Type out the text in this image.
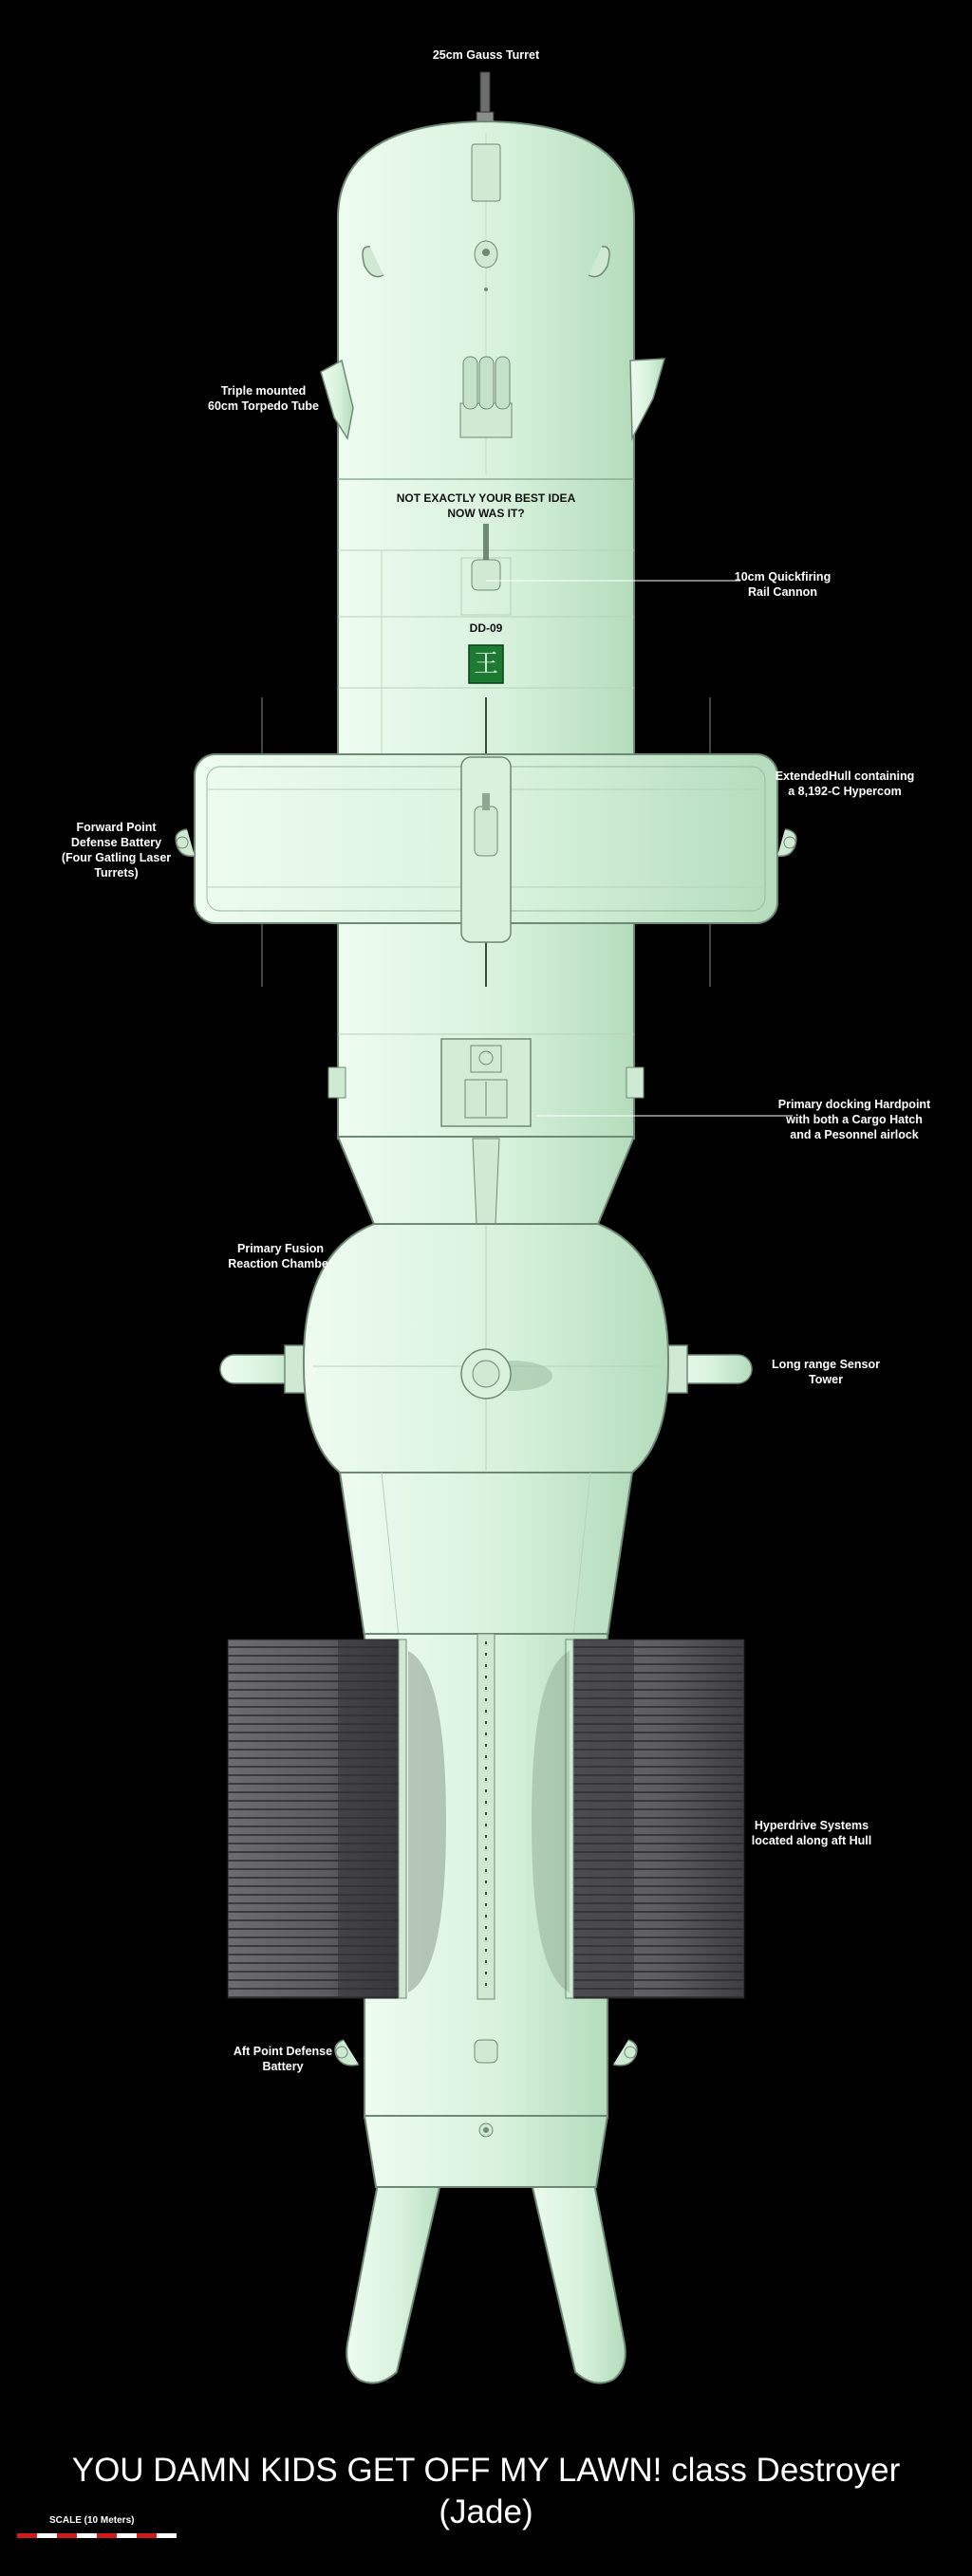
25cm Gauss Turret
Triple mounted
60cm Torpedo Tube
NOT EXACTLY YOUR BEST IDEA NOW WAS IT?
10cm Quickfiring
Rail Cannon
DD-09
王
ExtendedHull containing
a 8,192-C Hypercom
Forward Point
Defense Battery
(Four Gatling Laser
Turrets)
Primary docking Hardpoint
with both a Cargo Hatch
and a Pesonnel airlock
Primary Fusion
Reaction Chamber
Long range Sensor
Tower
Hyperdrive Systems
located along aft Hull
Aft Point Defense
Battery
YOU DAMN KIDS GET OFF MY LAWN! class Destroyer
(Jade)
SCALE (10 Meters)
